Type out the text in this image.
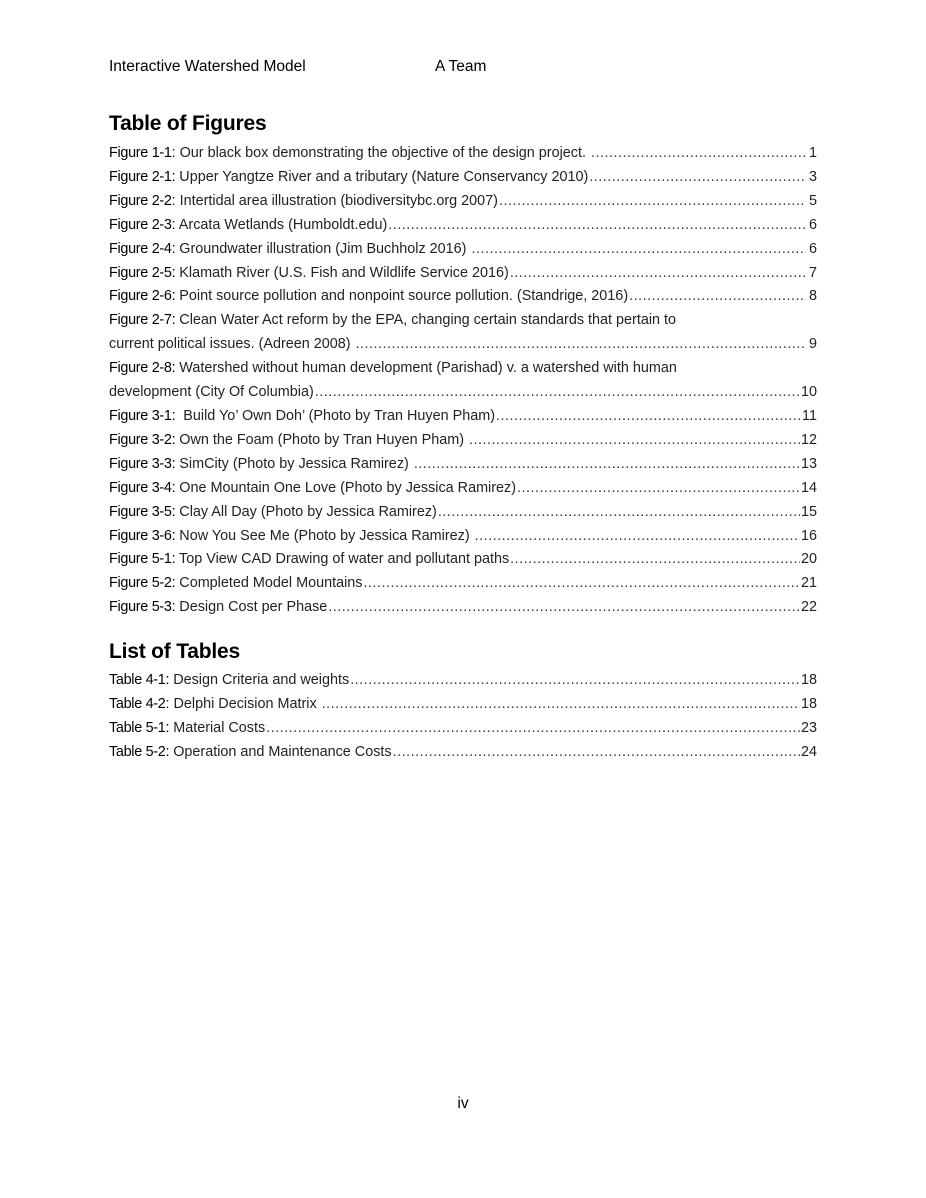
Interactive Watershed Model	A Team
Table of Figures
Figure 1-1: Our black box demonstrating the objective of the design project. .....	1
Figure 2-1: Upper Yangtze River and a tributary (Nature Conservancy 2010) .....	3
Figure 2-2: Intertidal area illustration (biodiversitybc.org 2007) .....	5
Figure 2-3: Arcata Wetlands (Humboldt.edu) .....	6
Figure 2-4: Groundwater illustration (Jim Buchholz 2016) .....	6
Figure 2-5: Klamath River (U.S. Fish and Wildlife Service 2016) .....	7
Figure 2-6: Point source pollution and nonpoint source pollution. (Standrige, 2016) .....	8
Figure 2-7: Clean Water Act reform by the EPA, changing certain standards that pertain to
current political issues. (Adreen 2008) .....	9
Figure 2-8: Watershed without human development (Parishad) v. a watershed with human
development (City Of Columbia) .....	10
Figure 3-1: Build Yo’ Own Doh’ (Photo by Tran Huyen Pham) .....	11
Figure 3-2: Own the Foam (Photo by Tran Huyen Pham) .....	12
Figure 3-3: SimCity (Photo by Jessica Ramirez) .....	13
Figure 3-4: One Mountain One Love (Photo by Jessica Ramirez) .....	14
Figure 3-5: Clay All Day (Photo by Jessica Ramirez) .....	15
Figure 3-6: Now You See Me (Photo by Jessica Ramirez) .....	16
Figure 5-1: Top View CAD Drawing of water and pollutant paths .....	20
Figure 5-2: Completed Model Mountains .....	21
Figure 5-3: Design Cost per Phase .....	22
List of Tables
Table 4-1: Design Criteria and weights .....	18
Table 4-2: Delphi Decision Matrix .....	18
Table 5-1: Material Costs .....	23
Table 5-2: Operation and Maintenance Costs .....	24
iv
